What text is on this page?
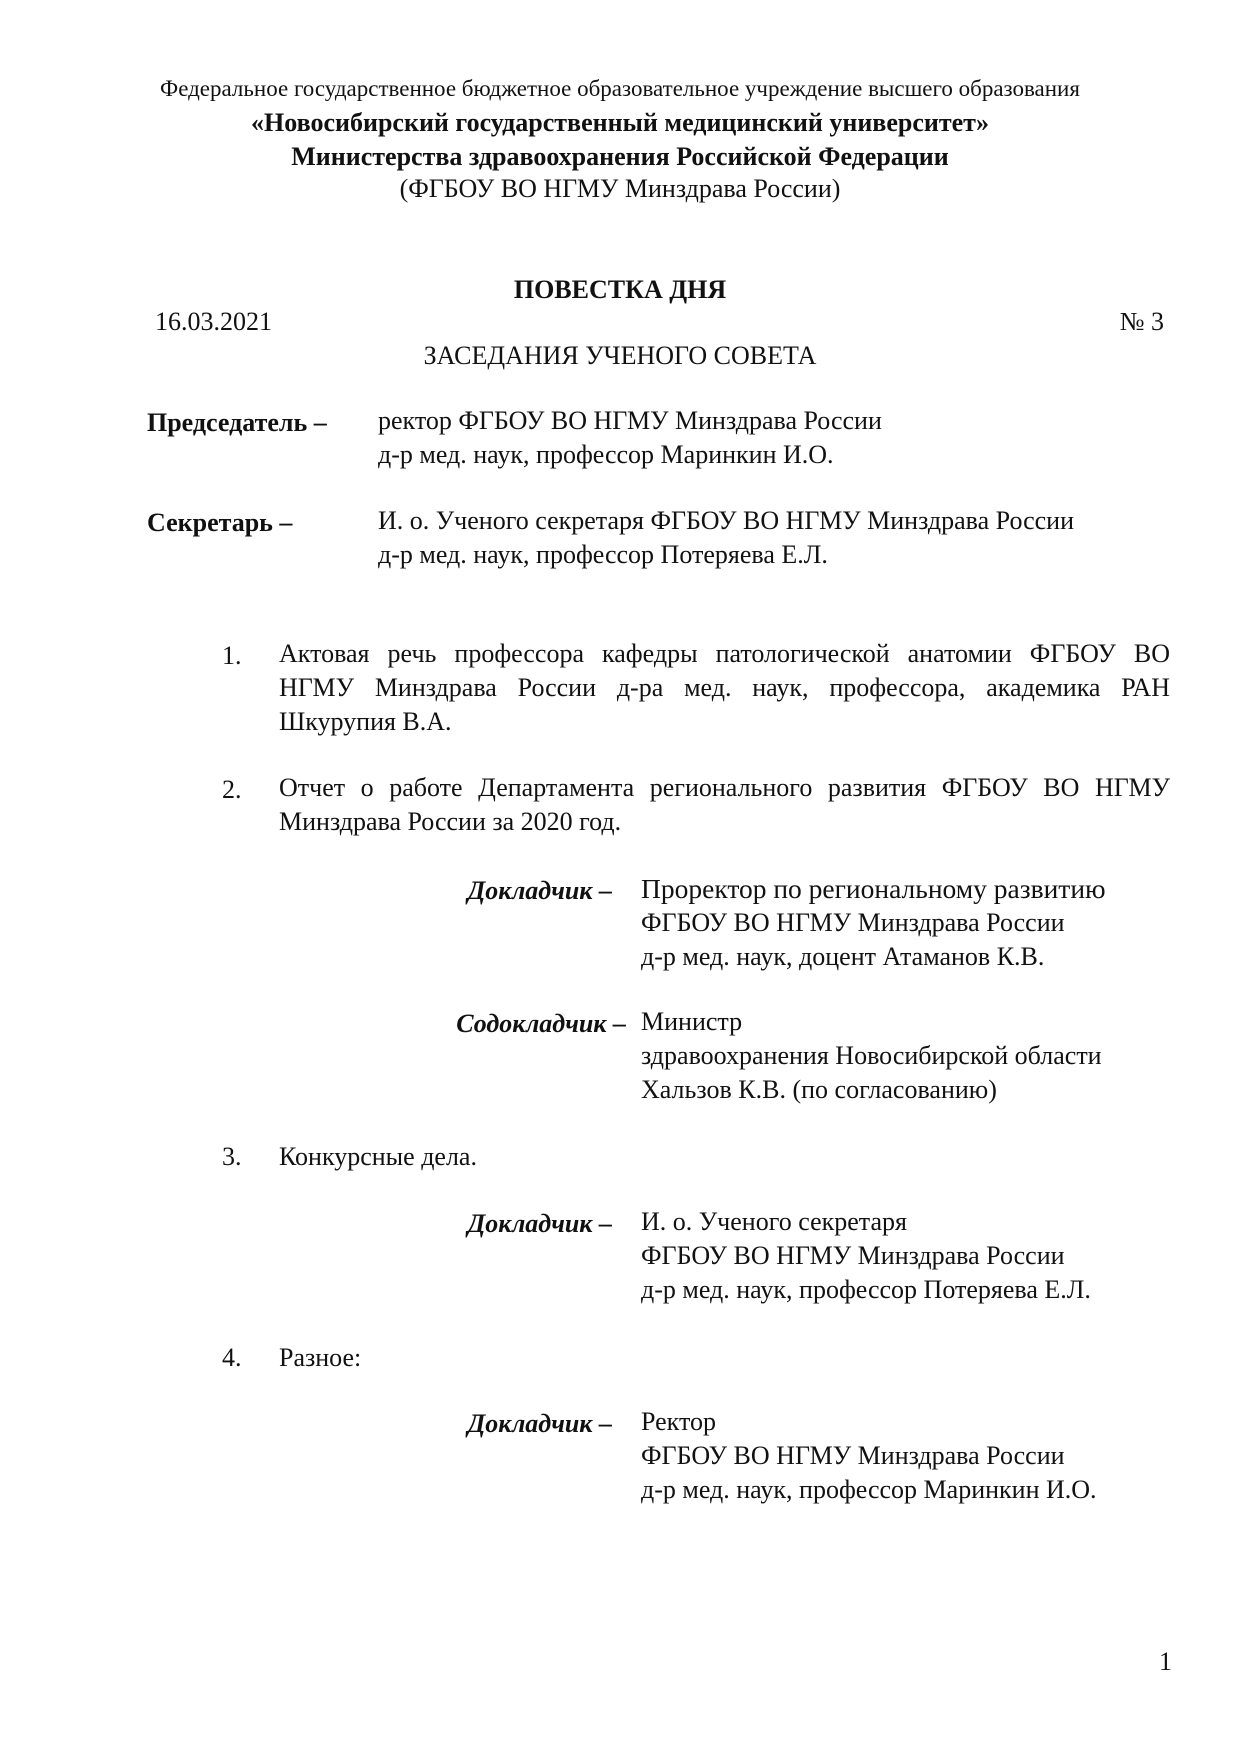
Федеральное государственное бюджетное образовательное учреждение высшего образования
«Новосибирский государственный медицинский университет»
Министерства здравоохранения Российской Федерации
(ФГБОУ ВО НГМУ Минздрава России)
ПОВЕСТКА ДНЯ
16.03.2021	№ 3
ЗАСЕДАНИЯ УЧЕНОГО СОВЕТА
Председатель – ректор ФГБОУ ВО НГМУ Минздрава России
д-р мед. наук, профессор Маринкин И.О.
Секретарь –	И. о. Ученого секретаря ФГБОУ ВО НГМУ Минздрава России
д-р мед. наук, профессор Потеряева Е.Л.
1. Актовая речь профессора кафедры патологической анатомии ФГБОУ ВО НГМУ Минздрава России д-ра мед. наук, профессора, академика РАН Шкурупия В.А.
2. Отчет о работе Департамента регионального развития ФГБОУ ВО НГМУ Минздрава России за 2020 год.
Докладчик – Проректор по региональному развитию
ФГБОУ ВО НГМУ Минздрава России
д-р мед. наук, доцент Атаманов К.В.
Содокладчик – Министр
здравоохранения Новосибирской области
Хальзов К.В. (по согласованию)
3. Конкурсные дела.
Докладчик – И. о. Ученого секретаря
ФГБОУ ВО НГМУ Минздрава России
д-р мед. наук, профессор Потеряева Е.Л.
4. Разное:
Докладчик – Ректор
ФГБОУ ВО НГМУ Минздрава России
д-р мед. наук, профессор Маринкин И.О.
1
